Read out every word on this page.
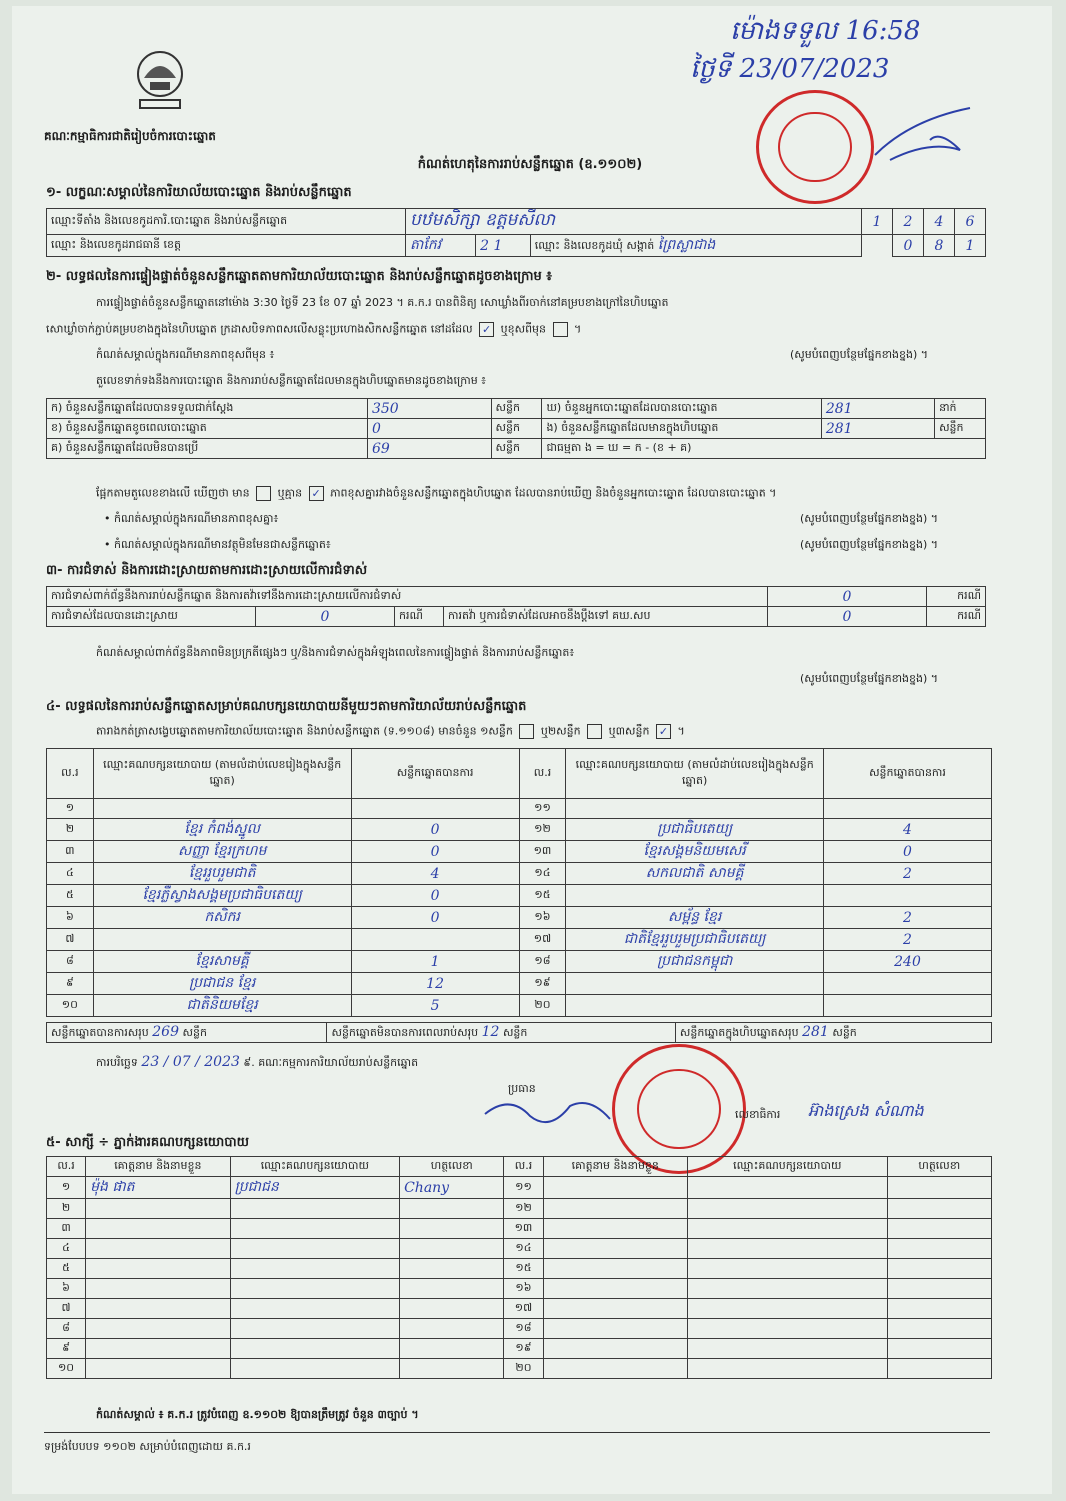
គណៈកម្មាធិការជាតិរៀបចំការបោះឆ្នោត
ម៉ោងទទួល 16:58
ថ្ងៃទី 23/07/2023
កំណត់ហេតុនៃការរាប់សន្លឹកឆ្នោត (ឧ.១១០២)
១- លក្ខណៈសម្គាល់នៃការិយាល័យបោះឆ្នោត និងរាប់សន្លឹកឆ្នោត
ឈ្មោះទីតាំង និងលេខកូដការិ.បោះឆ្នោត និងរាប់សន្លឹកឆ្នោត	បឋមសិក្សា ឧត្តមសីលា			1	2	4	6
ឈ្មោះ និងលេខកូដរាជធានី ខេត្ត	តាកែវ	2 1	ឈ្មោះ និងលេខកូដឃុំ សង្កាត់ ព្រៃស្លាជាង		0	8	1
២- លទ្ធផលនៃការផ្ទៀងផ្ទាត់ចំនួនសន្លឹកឆ្នោតតាមការិយាល័យបោះឆ្នោត និងរាប់សន្លឹកឆ្នោតដូចខាងក្រោម ៖
ការផ្ទៀងផ្ទាត់ចំនួនសន្លឹកឆ្នោតនៅម៉ោង 3:30 ថ្ងៃទី 23 ខែ 07 ឆ្នាំ 2023 ។ គ.ក.រ បានពិនិត្យ សោឃ្លាំងពីរចាក់នៅគម្របខាងក្រៅនៃហិបឆ្នោត
សោឃ្លាំចាក់ភ្ជាប់គម្របខាងក្នុងនៃហិបឆ្នោត ក្រដាសបិទភាពសលើសន្លុះប្រហោងសិកសន្លឹកឆ្នោត នៅដដែល ✓ ឬខុសពីមុន  ។
កំណត់សម្គាល់ក្នុងករណីមានភាពខុសពីមុន ៖	(សូមបំពេញបន្ថែមផ្នែកខាងខ្នង) ។
តួលេខទាក់ទងនឹងការបោះឆ្នោត និងការរាប់សន្លឹកឆ្នោតដែលមានក្នុងហិបឆ្នោតមានដូចខាងក្រោម ៖
ក) ចំនួនសន្លឹកឆ្នោតដែលបានទទួលជាក់ស្តែង	350	សន្លឹក	ឃ) ចំនួនអ្នកបោះឆ្នោតដែលបានបោះឆ្នោត	281	នាក់
ខ) ចំនួនសន្លឹកឆ្នោតខូចពេលបោះឆ្នោត	0	សន្លឹក	ង) ចំនួនសន្លឹកឆ្នោតដែលមានក្នុងហិបឆ្នោត	281	សន្លឹក
គ) ចំនួនសន្លឹកឆ្នោតដែលមិនបានប្រើ	69	សន្លឹក	ជាធម្មតា ង = ឃ = ក - (ខ + គ)		
ផ្អែកតាមតួលេខខាងលើ ឃើញថា មាន	ឬគ្មាន ✓ ភាពខុសគ្នារវាងចំនួនសន្លឹកឆ្នោតក្នុងហិបឆ្នោត ដែលបានរាប់ឃើញ និងចំនួនអ្នកបោះឆ្នោត ដែលបានបោះឆ្នោត ។
• កំណត់សម្គាល់ក្នុងករណីមានភាពខុសគ្នា៖	(សូមបំពេញបន្ថែមផ្នែកខាងខ្នង) ។
• កំណត់សម្គាល់ក្នុងករណីមានវត្ថុមិនមែនជាសន្លឹកឆ្នោត៖	(សូមបំពេញបន្ថែមផ្នែកខាងខ្នង) ។
៣- ការជំទាស់ និងការដោះស្រាយតាមការដោះស្រាយលើការជំទាស់
ការជំទាស់ពាក់ព័ន្ធនឹងការរាប់សន្លឹកឆ្នោត និងការតវ៉ាទៅនឹងការដោះស្រាយលើការជំទាស់				0	ករណី
ការជំទាស់ដែលបានដោះស្រាយ	0	ករណី	ការតវ៉ា ឬការជំទាស់ដែលអាចនឹងប្តឹងទៅ គឃ.សប	0	ករណី
កំណត់សម្គាល់ពាក់ព័ន្ធនឹងភាពមិនប្រក្រតីផ្សេងៗ ឬ/និងការជំទាស់ក្នុងអំឡុងពេលនៃការផ្ទៀងផ្ទាត់ និងការរាប់សន្លឹកឆ្នោត៖
(សូមបំពេញបន្ថែមផ្នែកខាងខ្នង) ។
៤- លទ្ធផលនៃការរាប់សន្លឹកឆ្នោតសម្រាប់គណបក្សនយោបាយនីមួយៗតាមការិយាល័យរាប់សន្លឹកឆ្នោត
តារាងកត់ត្រាសង្ខេបឆ្នោតតាមការិយាល័យបោះឆ្នោត និងរាប់សន្លឹកឆ្នោត (ទ.១១០៨) មានចំនួន ១សន្លឹក	ឬ២សន្លឹក	ឬ៣សន្លឹក ✓ ។
ល.រ	ឈ្មោះគណបក្សនយោបាយ (តាមលំដាប់លេខរៀងក្នុងសន្លឹកឆ្នោត)	សន្លឹកឆ្នោតបានការ	ល.រ	ឈ្មោះគណបក្សនយោបាយ (តាមលំដាប់លេខរៀងក្នុងសន្លឹកឆ្នោត)	សន្លឹកឆ្នោតបានការ
១			១១		
២	ខ្មែរ កំពង់ស្នូល	0	១២	ប្រជាធិបតេយ្យ	4
៣	សញ្ញា ខ្មែរក្រហម	0	១៣	ខ្មែរសង្គមនិយមសេរី	0
៤	ខ្មែររួបរួមជាតិ	4	១៤	សកលជាតិ សាមគ្គី	2
៥	ខ្មែរភ្លឺស្វាងសង្គមប្រជាធិបតេយ្យ	0	១៥		
៦	កសិករ	0	១៦	សម្ព័ន្ធ ខ្មែរ	2
៧			១៧	ជាតិខ្មែររួបរួមប្រជាធិបតេយ្យ	2
៨	ខ្មែរសាមគ្គី	1	១៨	ប្រជាជនកម្ពុជា	240
៩	ប្រជាជន ខ្មែរ	12	១៩		
១០	ជាតិនិយមខ្មែរ	5	២០		
សន្លឹកឆ្នោតបានការសរុប 269 សន្លឹក	សន្លឹកឆ្នោតមិនបានការពេលរាប់សរុប 12 សន្លឹក	សន្លឹកឆ្នោតក្នុងហិបឆ្នោតសរុប 281 សន្លឹក
ការបរិច្ឆេទ 23 / 07 / 2023 ៩. គណៈកម្មការការិយាល័យរាប់សន្លឹកឆ្នោត
ប្រធាន
លេខាធិការ អ៊ាងស្រេង សំណាង
៥- សាក្សី ÷ ភ្នាក់ងារគណបក្សនយោបាយ
ល.រ	គោត្តនាម និងនាមខ្លួន	ឈ្មោះគណបក្សនយោបាយ	ហត្ថលេខា	ល.រ	គោត្តនាម និងនាមខ្លួន	ឈ្មោះគណបក្សនយោបាយ	ហត្ថលេខា
១	ម៉ុង ផាត	ប្រជាជន	Chany	១១			
២				១២			
៣				១៣			
៤				១៤			
៥				១៥			
៦				១៦			
៧				១៧			
៨				១៨			
៩				១៩			
១០				២០			
កំណត់សម្គាល់ ៖ គ.ក.រ ត្រូវបំពេញ ឧ.១១០២ ឱ្យបានត្រឹមត្រូវ ចំនួន ៣ច្បាប់ ។
ទម្រង់បែបបទ ១១០២ សម្រាប់បំពេញដោយ គ.ក.រ
